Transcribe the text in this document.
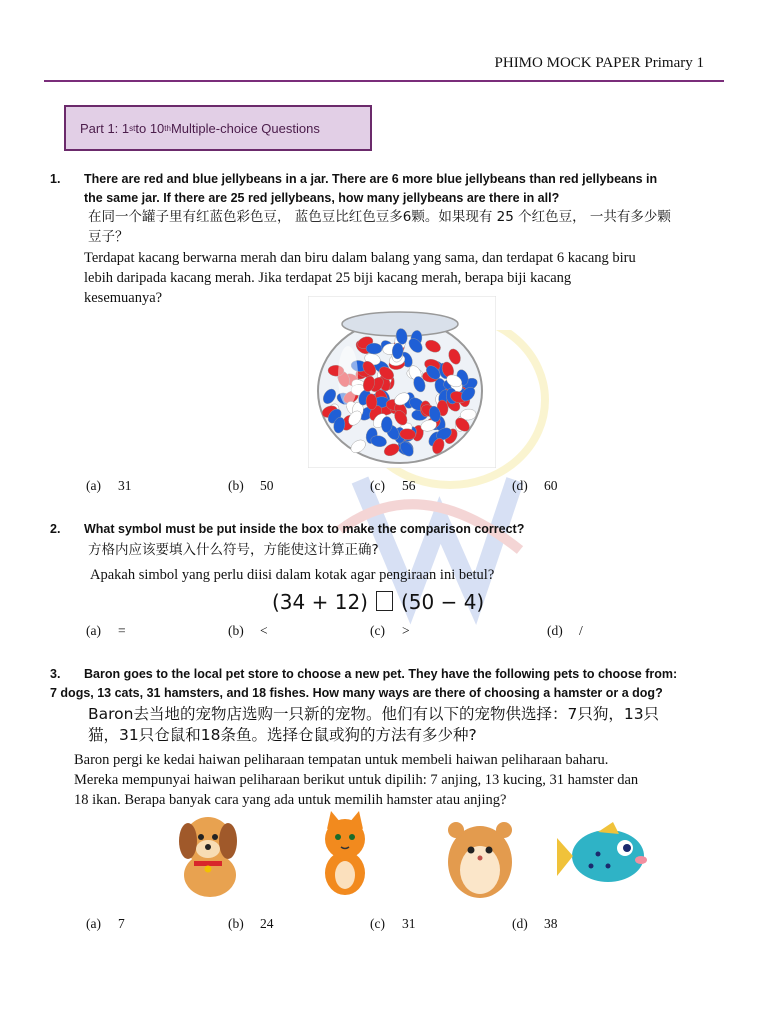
PHIMO MOCK PAPER Primary 1
Part 1: 1 st to 10 th Multiple-choice Questions
1. There are red and blue jellybeans in a jar. There are 6 more blue jellybeans than red jellybeans in
the same jar. If there are 25 red jellybeans, how many jellybeans are there in all?
在同一个罐子里有红蓝色彩色豆， 蓝色豆比红色豆多6颗。如果现有 25 个红色豆， 一共有多少颗
豆子？
Terdapat kacang berwarna merah dan biru dalam balang yang sama, dan terdapat 6 kacang biru
lebih daripada kacang merah. Jika terdapat 25 biji kacang merah, berapa biji kacang
kesemuanya?
(a) 31	(b) 50	(c) 56	(d) 60
2. What symbol must be put inside the box to make the comparison correct?
方格内应该要填入什么符号，方能使这计算正确?
Apakah simbol yang perlu diisi dalam kotak agar pengiraan ini betul?
(34 + 12) (50 − 4)
(a) =	(b) <	(c) >	(d) /
3. Baron goes to the local pet store to choose a new pet. They have the following pets to choose from:
7 dogs, 13 cats, 31 hamsters, and 18 fishes. How many ways are there of choosing a hamster or a dog?
Baron去当地的宠物店选购一只新的宠物。他们有以下的宠物供选择：7只狗，13只
猫，31只仓鼠和18条鱼。选择仓鼠或狗的方法有多少种?
Baron pergi ke kedai haiwan peliharaan tempatan untuk membeli haiwan peliharaan baharu.
Mereka mempunyai haiwan peliharaan berikut untuk dipilih: 7 anjing, 13 kucing, 31 hamster dan
18 ikan. Berapa banyak cara yang ada untuk memilih hamster atau anjing?
(a) 7	(b) 24	(c) 31	(d) 38
